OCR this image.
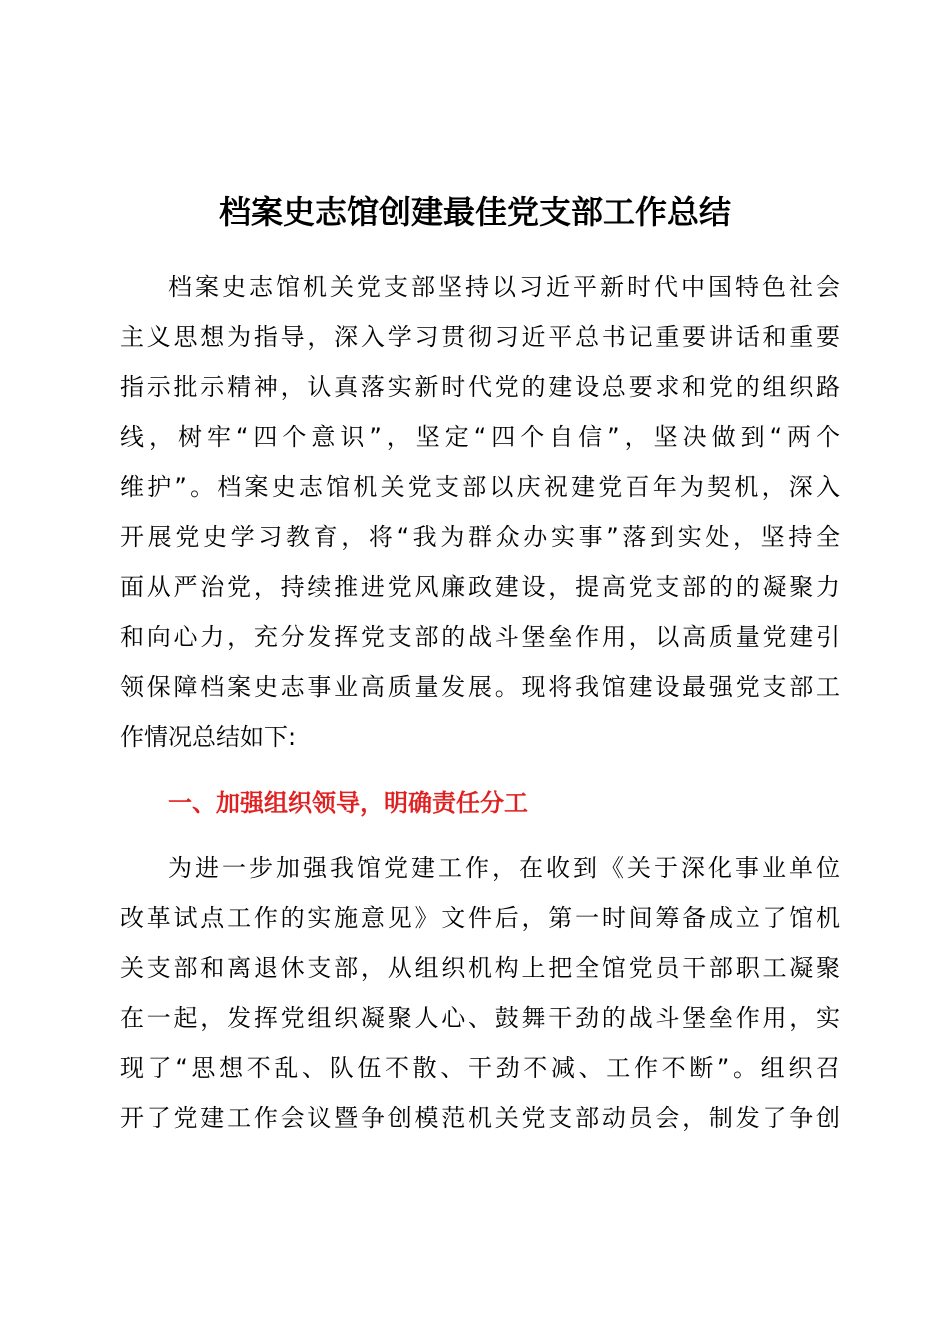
档案史志馆创建最佳党支部工作总结
档案史志馆机关党支部坚持以习近平新时代中国特色社会
主义思想为指导，深入学习贯彻习近平总书记重要讲话和重要
指示批示精神，认真落实新时代党的建设总要求和党的组织路
线，树牢“四个意识”，坚定“四个自信”，坚决做到“两个
维护”。档案史志馆机关党支部以庆祝建党百年为契机，深入
开展党史学习教育，将“我为群众办实事”落到实处，坚持全
面从严治党，持续推进党风廉政建设，提高党支部的的凝聚力
和向心力，充分发挥党支部的战斗堡垒作用，以高质量党建引
领保障档案史志事业高质量发展。现将我馆建设最强党支部工
作情况总结如下:
一、加强组织领导，明确责任分工
为进一步加强我馆党建工作，在收到《关于深化事业单位
改革试点工作的实施意见》文件后，第一时间筹备成立了馆机
关支部和离退休支部，从组织机构上把全馆党员干部职工凝聚
在一起，发挥党组织凝聚人心、鼓舞干劲的战斗堡垒作用，实
现了“思想不乱、队伍不散、干劲不减、工作不断”。组织召
开了党建工作会议暨争创模范机关党支部动员会，制发了争创
